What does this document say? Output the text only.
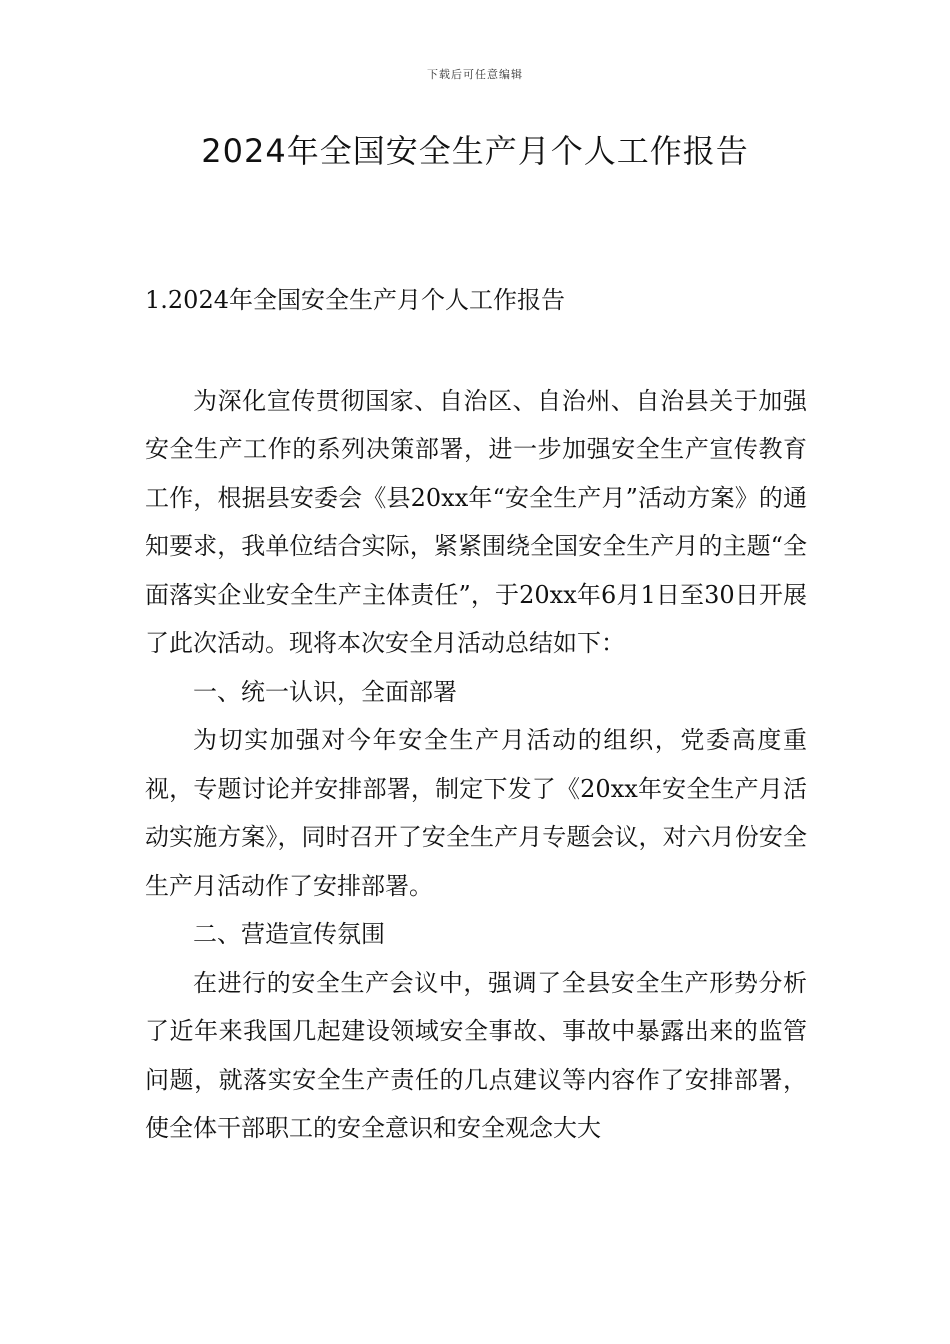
下载后可任意编辑
2024年全国安全生产月个人工作报告

1.2024年全国安全生产月个人工作报告

为深化宣传贯彻国家、自治区、自治州、自治县关于加强安全生产工作的系列决策部署，进一步加强安全生产宣传教育工作，根据县安委会《县20xx年“安全生产月”活动方案》的通知要求，我单位结合实际，紧紧围绕全国安全生产月的主题“全面落实企业安全生产主体责任”，于20xx年6月1日至30日开展了此次活动。现将本次安全月活动总结如下：

一、统一认识，全面部署

为切实加强对今年安全生产月活动的组织，党委高度重视，专题讨论并安排部署，制定下发了《20xx年安全生产月活动实施方案》，同时召开了安全生产月专题会议，对六月份安全生产月活动作了安排部署。

二、营造宣传氛围

在进行的安全生产会议中，强调了全县安全生产形势分析了近年来我国几起建设领域安全事故、事故中暴露出来的监管问题，就落实安全生产责任的几点建议等内容作了安排部署，使全体干部职工的安全意识和安全观念大大
